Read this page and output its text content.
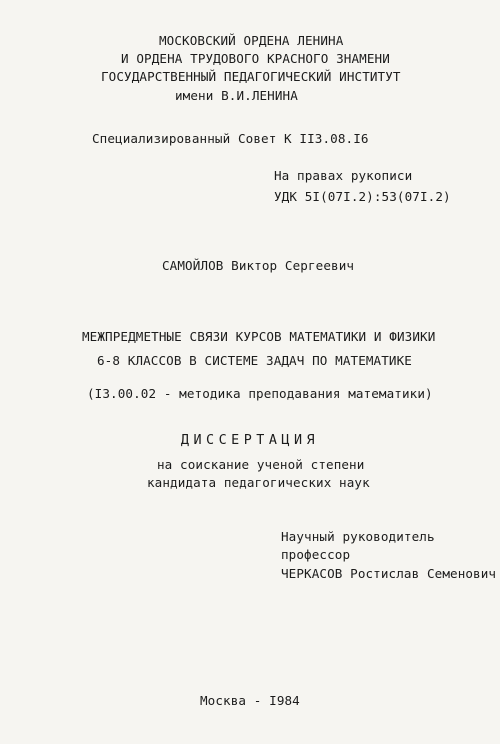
МОСКОВСКИЙ ОРДЕНА ЛЕНИНА
И ОРДЕНА ТРУДОВОГО КРАСНОГО ЗНАМЕНИ
ГОСУДАРСТВЕННЫЙ ПЕДАГОГИЧЕСКИЙ ИНСТИТУТ
имени В.И.ЛЕНИНА
Специализированный Совет К II3.08.I6
На правах рукописи
УДК 5I(07I.2):53(07I.2)
САМОЙЛОВ Виктор Сергеевич
МЕЖПРЕДМЕТНЫЕ СВЯЗИ КУРСОВ МАТЕМАТИКИ И ФИЗИКИ
6-8 КЛАССОВ В СИСТЕМЕ ЗАДАЧ ПО МАТЕМАТИКЕ
(I3.00.02 - методика преподавания математики)
ДИССЕРТАЦИЯ
на соискание ученой степени
кандидата педагогических наук
Научный руководитель
профессор
ЧЕРКАСОВ Ростислав Семенович
Москва - I984
